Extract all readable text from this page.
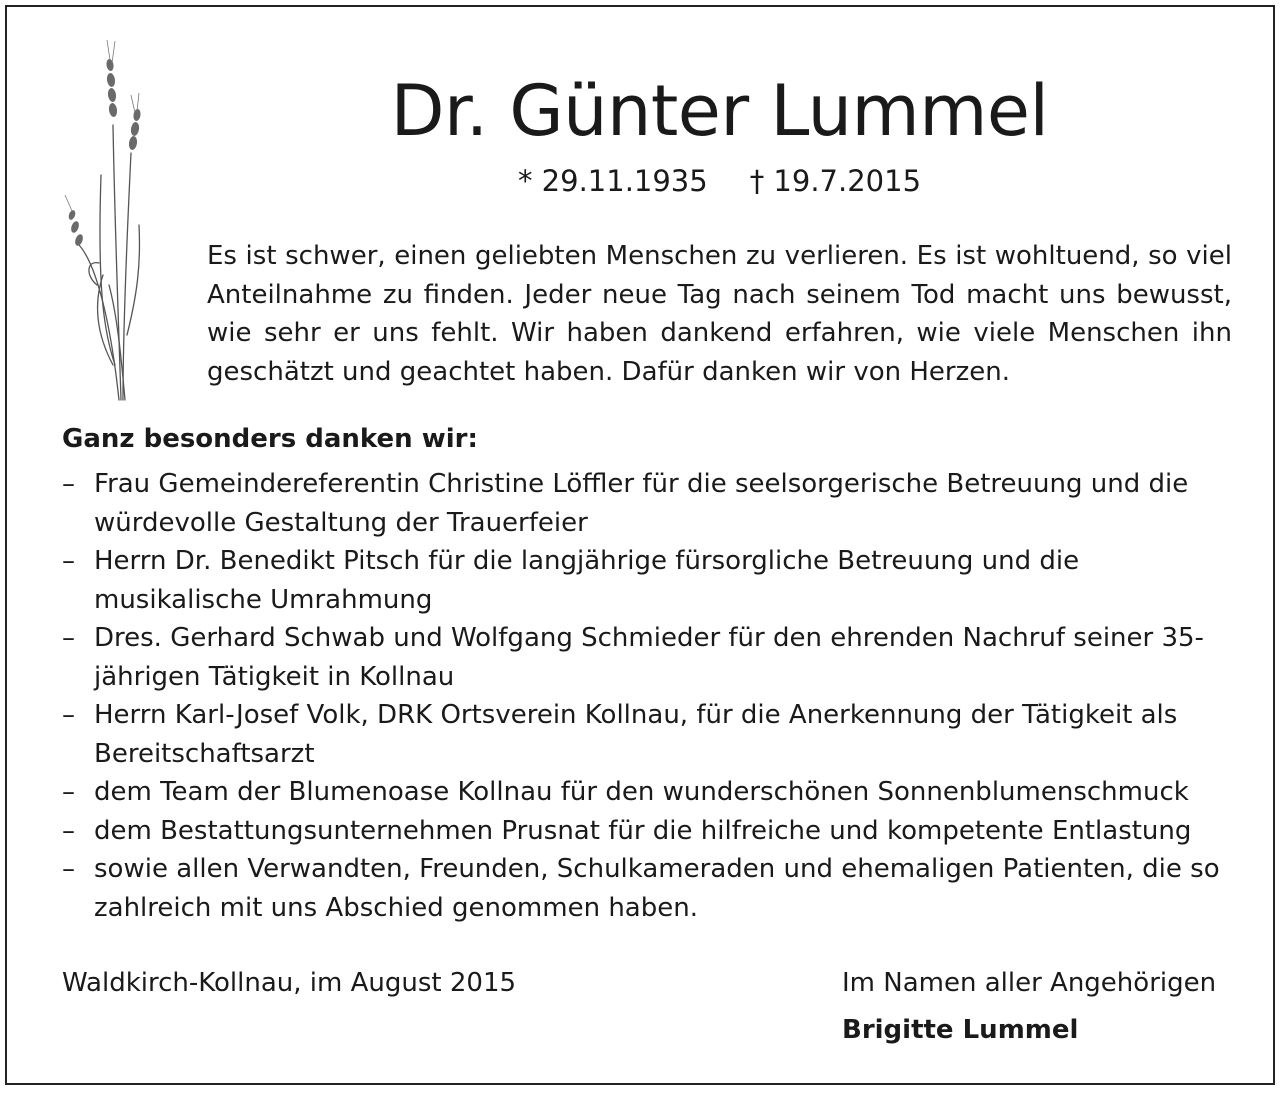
Dr. Günter Lummel
* 29.11.1935 † 19.7.2015

Es ist schwer, einen geliebten Menschen zu verlieren. Es ist wohltuend, so viel Anteilnahme zu finden. Jeder neue Tag nach seinem Tod macht uns bewusst, wie sehr er uns fehlt. Wir haben dankend erfahren, wie viele Menschen ihn geschätzt und geachtet haben. Dafür danken wir von Herzen.

Ganz besonders danken wir:

– Frau Gemeindereferentin Christine Löffler für die seelsorgerische Betreuung und die würdevolle Gestaltung der Trauerfeier
– Herrn Dr. Benedikt Pitsch für die langjährige fürsorgliche Betreuung und die musikalische Umrahmung
– Dres. Gerhard Schwab und Wolfgang Schmieder für den ehrenden Nachruf seiner 35-jährigen Tätigkeit in Kollnau
– Herrn Karl-Josef Volk, DRK Ortsverein Kollnau, für die Anerkennung der Tätigkeit als Bereitschaftsarzt
– dem Team der Blumenoase Kollnau für den wunderschönen Sonnenblumenschmuck
– dem Bestattungsunternehmen Prusnat für die hilfreiche und kompetente Entlastung
– sowie allen Verwandten, Freunden, Schulkameraden und ehemaligen Patienten, die so zahlreich mit uns Abschied genommen haben.
Waldkirch-Kollnau, im August 2015	Im Namen aller Angehörigen
Brigitte Lummel
